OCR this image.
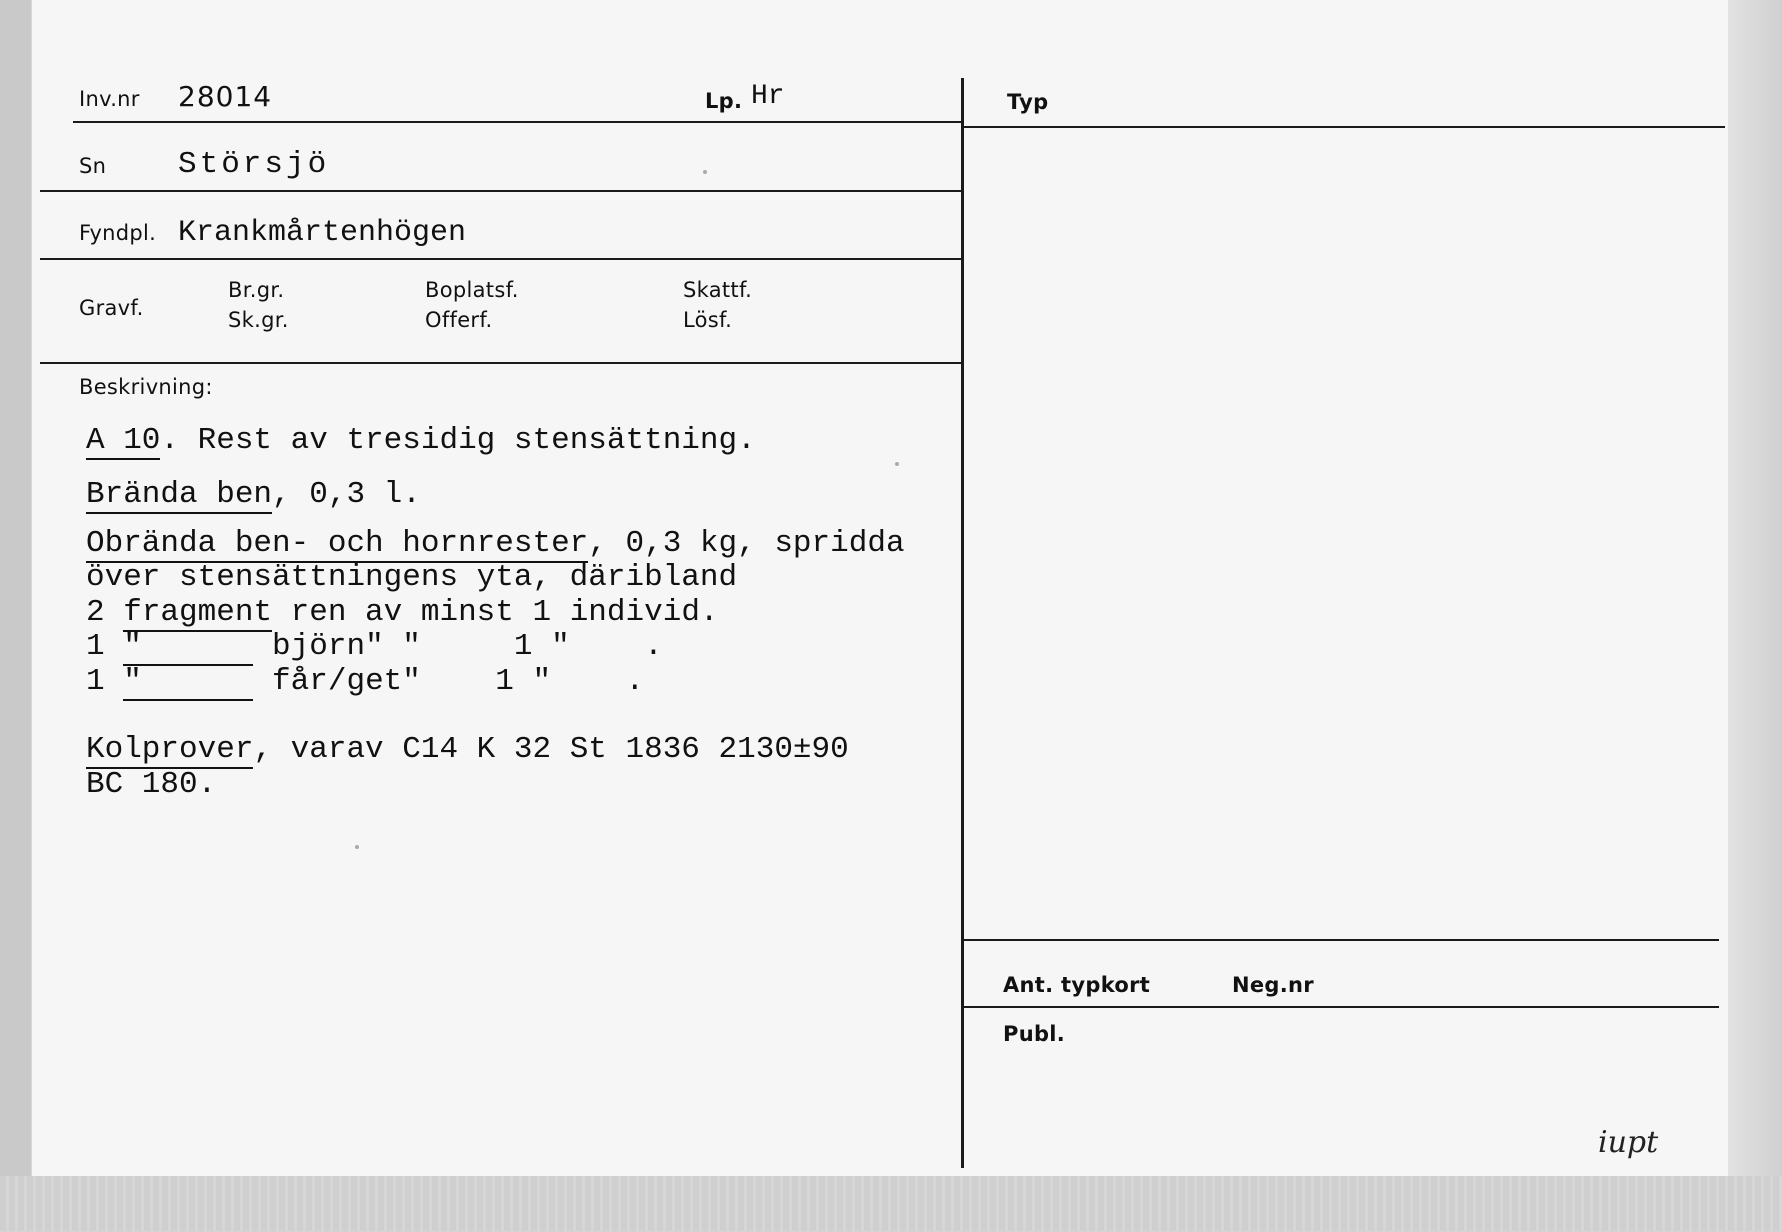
Inv.nr 28014	Lp. Hr
Sn Störsjö
Fyndpl. Krankmårtenhögen
Gravf.
Br.gr.
Sk.gr.
Boplatsf.
Offerf.
Skattf.
Lösf.
Beskrivning:
A 10. Rest av tresidig stensättning.
Brända ben, 0,3 l.
Obrända ben- och hornrester, 0,3 kg, spridda
över stensättningens yta, däribland
2 fragment ren av minst 1 individ.
1 "       björn" "     1 "    .
1 "       får/get"    1 "    .
Kolprover, varav C14 K 32 St 1836 2130±90
BC 180.
Typ
Ant. typkort	Neg.nr
Publ.
iupt
